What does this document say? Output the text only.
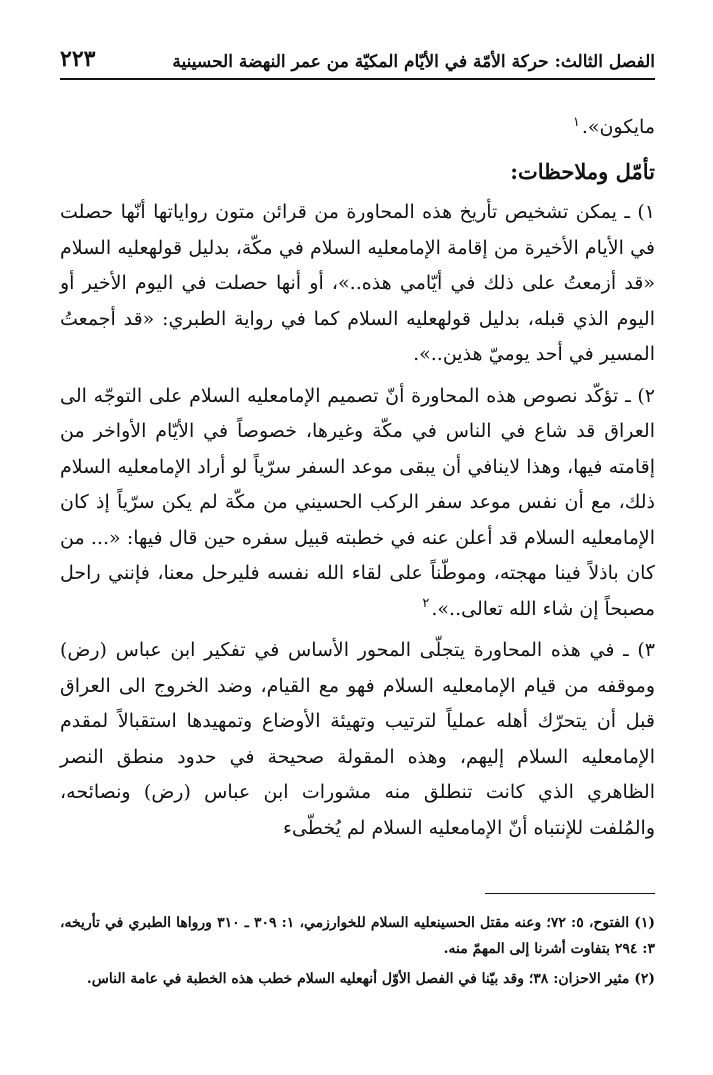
الفصل الثالث: حركة الأمّة في الأيّام المكيّة من عمر النهضة الحسينية
٢٢٣

مايكون».$^١$

تأمّل وملاحظات:

١) ـ يمكن تشخيص تأريخ هذه المحاورة من قرائن متون رواياتها أنّها حصلت في الأيام الأخيرة من إقامة الإمامعليه السلام في مكّة، بدليل قولهعليه السلام «قد أزمعتُ على ذلك في أيّامي هذه..»، أو أنها حصلت في اليوم الأخير أو اليوم الذي قبله، بدليل قولهعليه السلام كما في رواية الطبري: «قد أجمعتُ المسير في أحد يوميّ هذين..».

٢) ـ تؤكّد نصوص هذه المحاورة أنّ تصميم الإمامعليه السلام على التوجّه الى العراق قد شاع في الناس في مكّة وغيرها، خصوصاً في الأيّام الأواخر من إقامته فيها، وهذا لاينافي أن يبقى موعد السفر سرّياً لو أراد الإمامعليه السلام ذلك، مع أن نفس موعد سفر الركب الحسيني من مكّة لم يكن سرّياً إذ كان الإمامعليه السلام قد أعلن عنه في خطبته قبيل سفره حين قال فيها: «... من كان باذلاً فينا مهجته، وموطّناً على لقاء الله نفسه فليرحل معنا، فإنني راحل مصبحاً إن شاء الله تعالى..».$^٢$

٣) ـ في هذه المحاورة يتجلّى المحور الأساس في تفكير ابن عباس (رض) وموقفه من قيام الإمامعليه السلام فهو مع القيام، وضد الخروج الى العراق قبل أن يتحرّك أهله عملياً لترتيب وتهيئة الأوضاع وتمهيدها استقبالاً لمقدم الإمامعليه السلام إليهم، وهذه المقولة صحيحة في حدود منطق النصر الظاهري الذي كانت تنطلق منه مشورات ابن عباس (رض) ونصائحه، والمُلفت للإنتباه أنّ الإمامعليه السلام لم يُخطّىء

(١) الفتوح، ٥: ٧٢؛ وعنه مقتل الحسينعليه السلام للخوارزمي، ١: ٣٠٩ ـ ٣١٠ ورواها الطبري في تأريخه، ٣: ٢٩٤ بتفاوت أشرنا إلى المهمّ منه.

(٢) مثير الاحزان: ٣٨؛ وقد بيّنا في الفصل الأوّل أنهعليه السلام خطب هذه الخطبة في عامة الناس.
